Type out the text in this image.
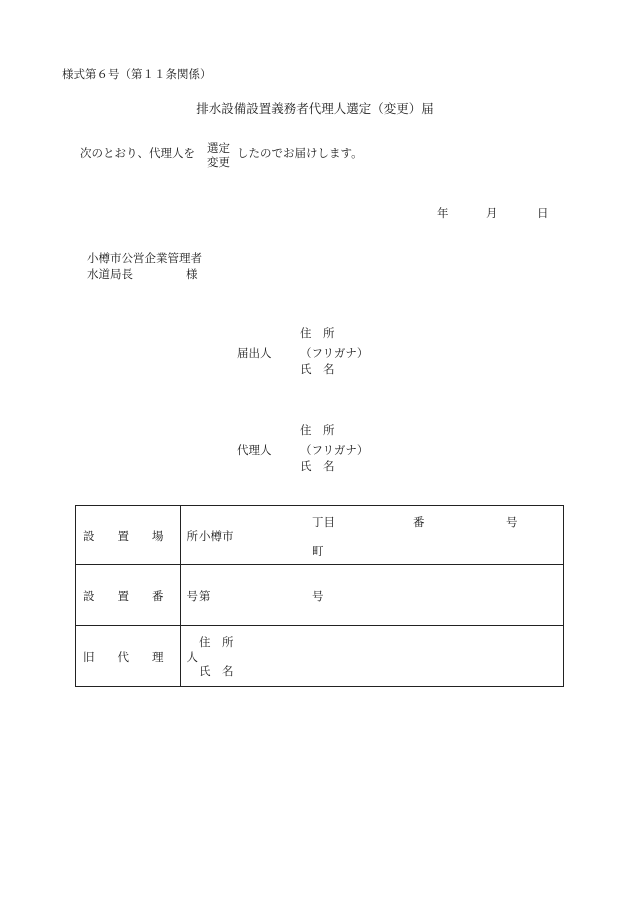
様式第６号（第１１条関係）
排水設備設置義務者代理人選定（変更）届
次のとおり、代理人を 選定
変更
したのでお届けします。
年	月	日
小樽市公営企業管理者
水道局長	様
住　所
届出人 （フリガナ）
氏　名
住　所
代理人 （フリガナ）
氏　名
設　　置　　場　　所	小樽市
丁目 番 号
町

設　　置　　番　　号	第 号

旧　　代　　理　　人	住　所
氏　名
